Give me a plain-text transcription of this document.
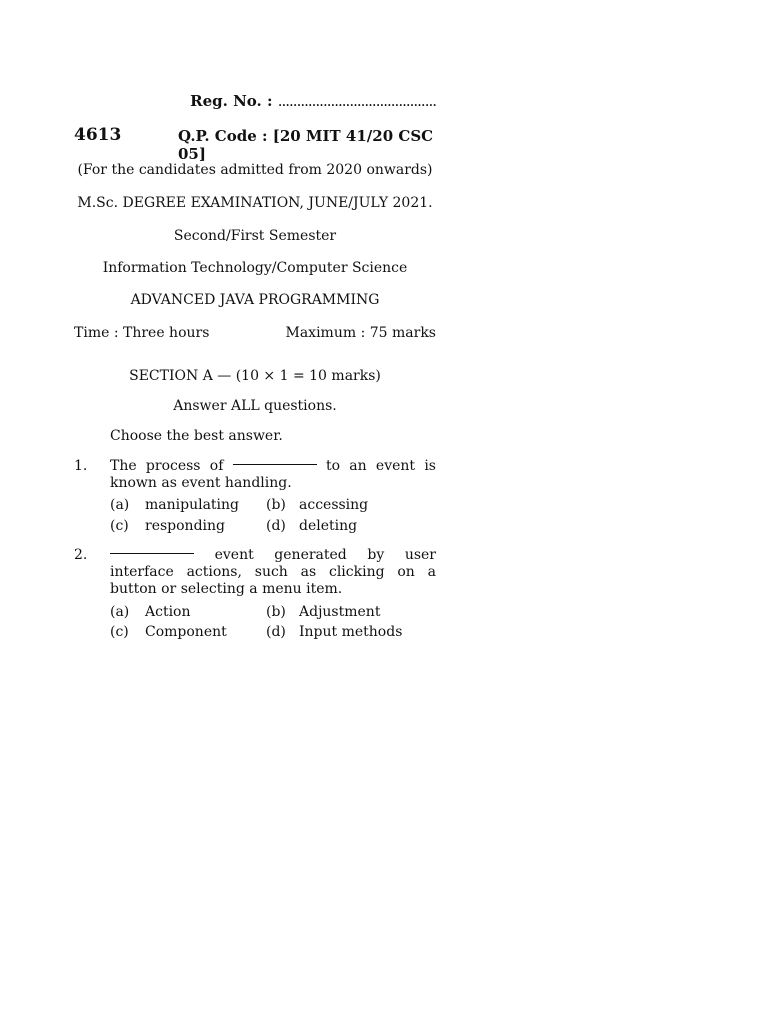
Reg. No. : ..........................................
4613	Q.P. Code : [20 MIT 41/20 CSC 05]
(For the candidates admitted from 2020 onwards)
M.Sc. DEGREE EXAMINATION, JUNE/JULY 2021.
Second/First Semester
Information Technology/Computer Science
ADVANCED JAVA PROGRAMMING
Time : Three hours	Maximum : 75 marks
SECTION A — (10 × 1 = 10 marks)
Answer ALL questions.
Choose the best answer.
1. The process of	to an event is known as event handling.
(a) manipulating (b) accessing
(c) responding	(d) deleting
2.	event generated by user interface actions, such as clicking on a button or selecting a menu item.
(a) Action	(b) Adjustment
(c) Component	(d) Input methods
